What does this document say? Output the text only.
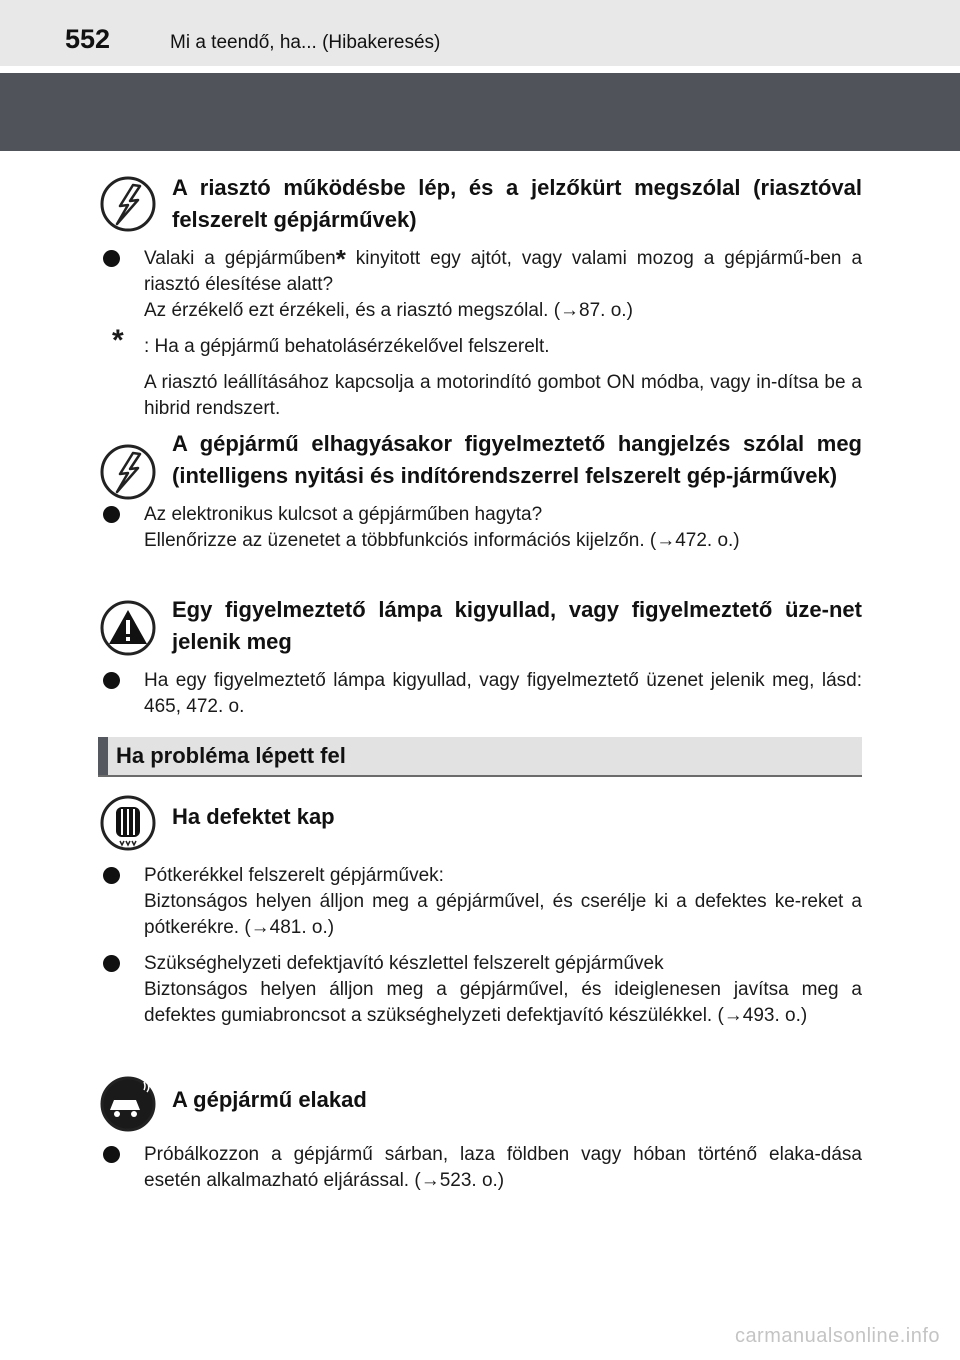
552	Mi a teendő, ha... (Hibakeresés)
A riasztó működésbe lép, és a jelzőkürt megszólal (riasztóval felszerelt gépjárművek)

Valaki a gépjárműben* kinyitott egy ajtót, vagy valami mozog a gépjármű-ben a riasztó élesítése alatt?

Az érzékelő ezt érzékeli, és a riasztó megszólal. (→87. o.)

* : Ha a gépjármű behatolásérzékelővel felszerelt.

A riasztó leállításához kapcsolja a motorindító gombot ON módba, vagy in-dítsa be a hibrid rendszert.
A gépjármű elhagyásakor figyelmeztető hangjelzés szólal meg (intelligens nyitási és indítórendszerrel felszerelt gép-járművek)

Az elektronikus kulcsot a gépjárműben hagyta?

Ellenőrizze az üzenetet a többfunkciós információs kijelzőn. (→472. o.)

Egy figyelmeztető lámpa kigyullad, vagy figyelmeztető üze-net jelenik meg

Ha egy figyelmeztető lámpa kigyullad, vagy figyelmeztető üzenet jelenik meg, lásd: 465, 472. o.

Ha probléma lépett fel
Ha defektet kap

Pótkerékkel felszerelt gépjárművek:

Biztonságos helyen álljon meg a gépjárművel, és cserélje ki a defektes ke-reket a pótkerékre. (→481. o.)

Szükséghelyzeti defektjavító készlettel felszerelt gépjárművek

Biztonságos helyen álljon meg a gépjárművel, és ideiglenesen javítsa meg a defektes gumiabroncsot a szükséghelyzeti defektjavító készülékkel. (→493. o.)

A gépjármű elakad

Próbálkozzon a gépjármű sárban, laza földben vagy hóban történő elaka-dása esetén alkalmazható eljárással. (→523. o.)

carmanualsonline.info
